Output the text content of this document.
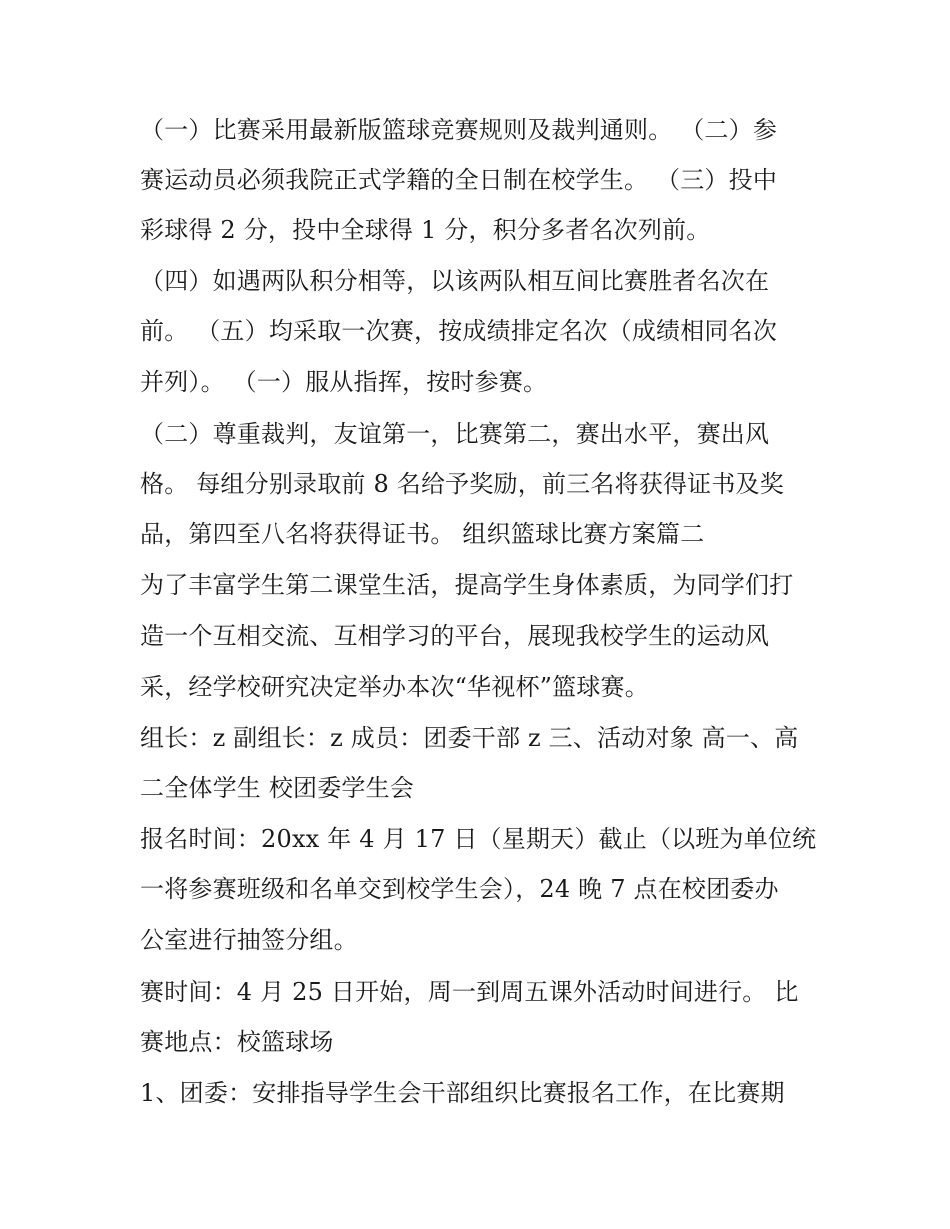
（一）比赛采用最新版篮球竞赛规则及裁判通则。 （二）参
赛运动员必须我院正式学籍的全日制在校学生。 （三）投中
彩球得 2 分，投中全球得 1 分，积分多者名次列前。
（四）如遇两队积分相等，以该两队相互间比赛胜者名次在
前。 （五）均采取一次赛，按成绩排定名次（成绩相同名次
并列）。 （一）服从指挥，按时参赛。
（二）尊重裁判，友谊第一，比赛第二，赛出水平，赛出风
格。 每组分别录取前 8 名给予奖励，前三名将获得证书及奖
品，第四至八名将获得证书。 组织篮球比赛方案篇二
为了丰富学生第二课堂生活，提高学生身体素质，为同学们打
造一个互相交流、互相学习的平台，展现我校学生的运动风
采，经学校研究决定举办本次“华视杯”篮球赛。
组长：z 副组长：z 成员：团委干部 z 三、活动对象 高一、高
二全体学生 校团委学生会
报名时间：20xx 年 4 月 17 日（星期天）截止（以班为单位统
一将参赛班级和名单交到校学生会），24 晚 7 点在校团委办
公室进行抽签分组。
赛时间：4 月 25 日开始，周一到周五课外活动时间进行。 比
赛地点：校篮球场
1、团委：安排指导学生会干部组织比赛报名工作，在比赛期
